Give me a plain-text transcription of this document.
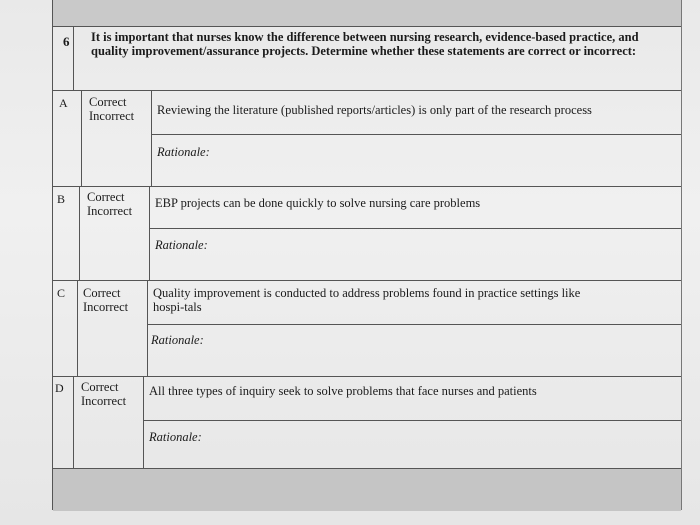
6 It is important that nurses know the difference between nursing research, evidence-based practice, and quality improvement/assurance projects. Determine whether these statements are correct or incorrect:
A Correct
Incorrect Reviewing the literature (published reports/articles) is only part of the research process
Rationale:
B Correct
Incorrect
EBP projects can be done quickly to solve nursing care problems
Rationale:
C Correct
Incorrect
Quality improvement is conducted to address problems found in practice settings like hospi-tals
Rationale:
D Correct
Incorrect
All three types of inquiry seek to solve problems that face nurses and patients
Rationale:
